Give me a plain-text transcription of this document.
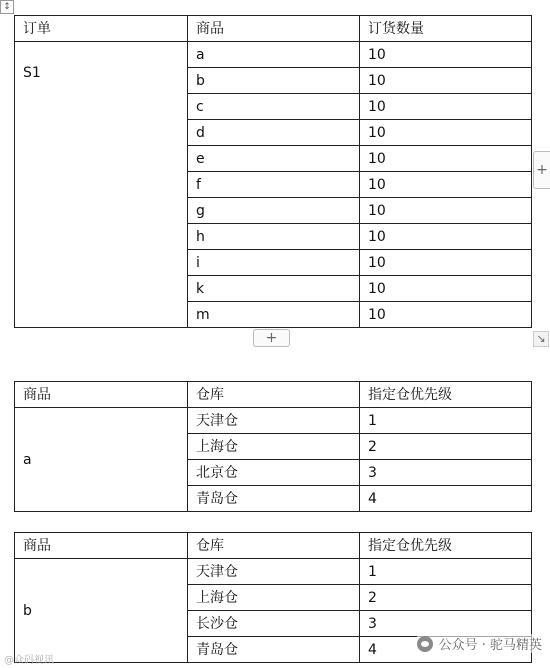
↕
订单	商品	订货数量
S1	a	10
	b	10
	c	10
	d	10
	e	10
	f	10
	g	10
	h	10
	i	10
	k	10
	m	10
+
+
↘
商品	仓库	指定仓优先级
a	天津仓	1
	上海仓	2
	北京仓	3
	青岛仓	4
商品	仓库	指定仓优先级
b	天津仓	1
	上海仓	2
	长沙仓	3
	青岛仓	4
@众码视讯
公众号 · 驼马精英
